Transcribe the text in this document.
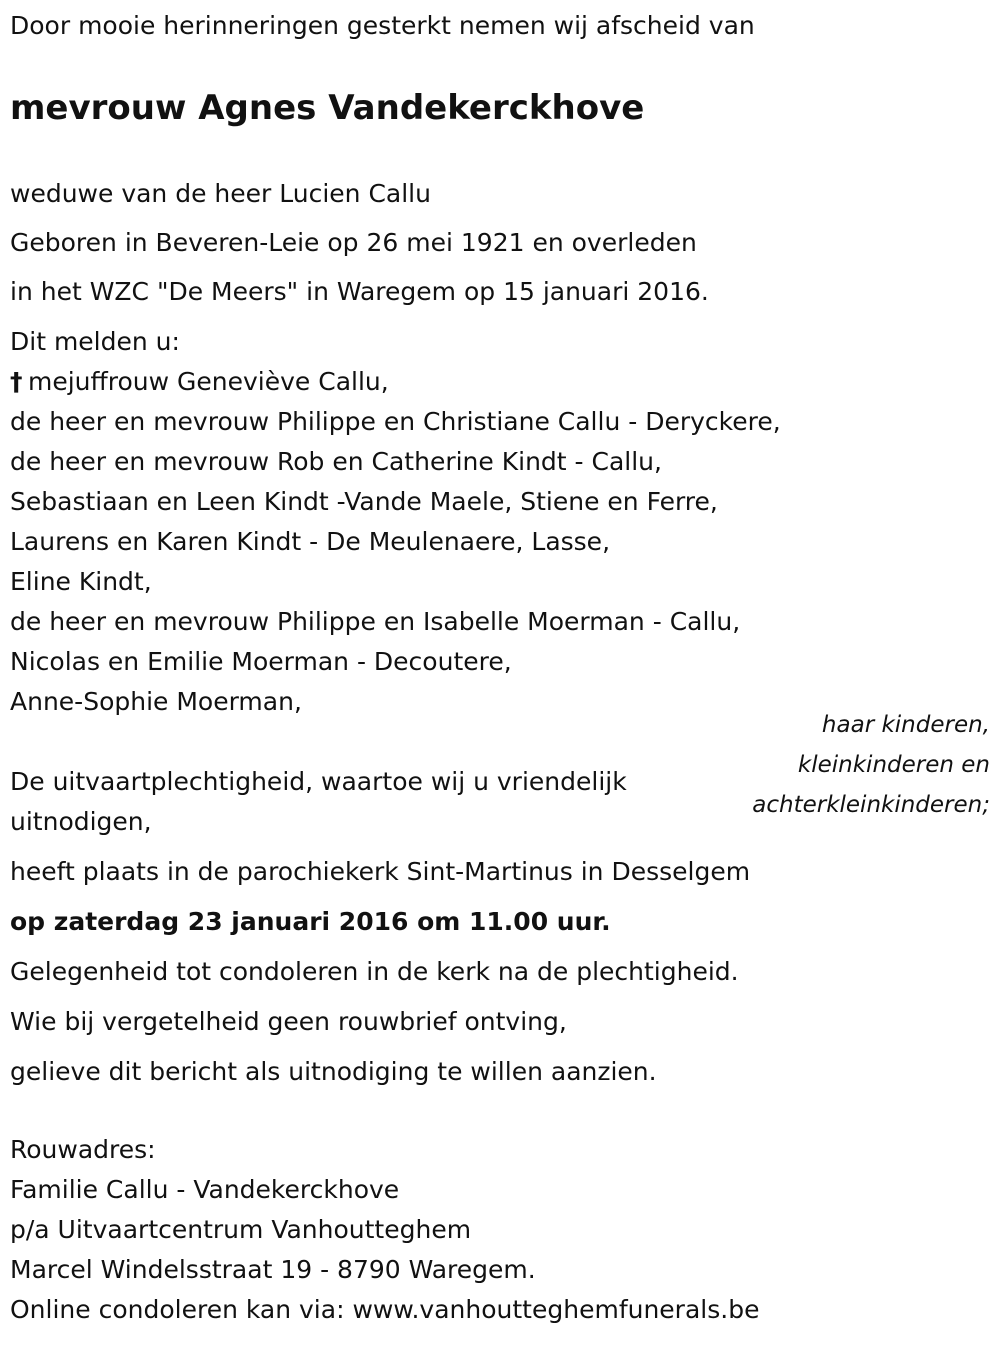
Door mooie herinneringen gesterkt nemen wij afscheid van
mevrouw Agnes Vandekerckhove
weduwe van de heer Lucien Callu
Geboren in Beveren-Leie op 26 mei 1921 en overleden
in het WZC "De Meers" in Waregem op 15 januari 2016.
Dit melden u:
† mejuffrouw Geneviève Callu,
de heer en mevrouw Philippe en Christiane Callu - Deryckere,
de heer en mevrouw Rob en Catherine Kindt - Callu,
Sebastiaan en Leen Kindt -Vande Maele, Stiene en Ferre,
Laurens en Karen Kindt - De Meulenaere, Lasse,
Eline Kindt,
de heer en mevrouw Philippe en Isabelle Moerman - Callu,
Nicolas en Emilie Moerman - Decoutere,
Anne-Sophie Moerman,
De uitvaartplechtigheid, waartoe wij u vriendelijk
uitnodigen,
heeft plaats in de parochiekerk Sint-Martinus in Desselgem
op zaterdag 23 januari 2016 om 11.00 uur.
Gelegenheid tot condoleren in de kerk na de plechtigheid.
Wie bij vergetelheid geen rouwbrief ontving,
gelieve dit bericht als uitnodiging te willen aanzien.
Rouwadres:
Familie Callu - Vandekerckhove
p/a Uitvaartcentrum Vanhoutteghem
Marcel Windelsstraat 19 - 8790 Waregem.
Online condoleren kan via: www.vanhoutteghemfunerals.be
haar kinderen,
kleinkinderen en
achterkleinkinderen;
